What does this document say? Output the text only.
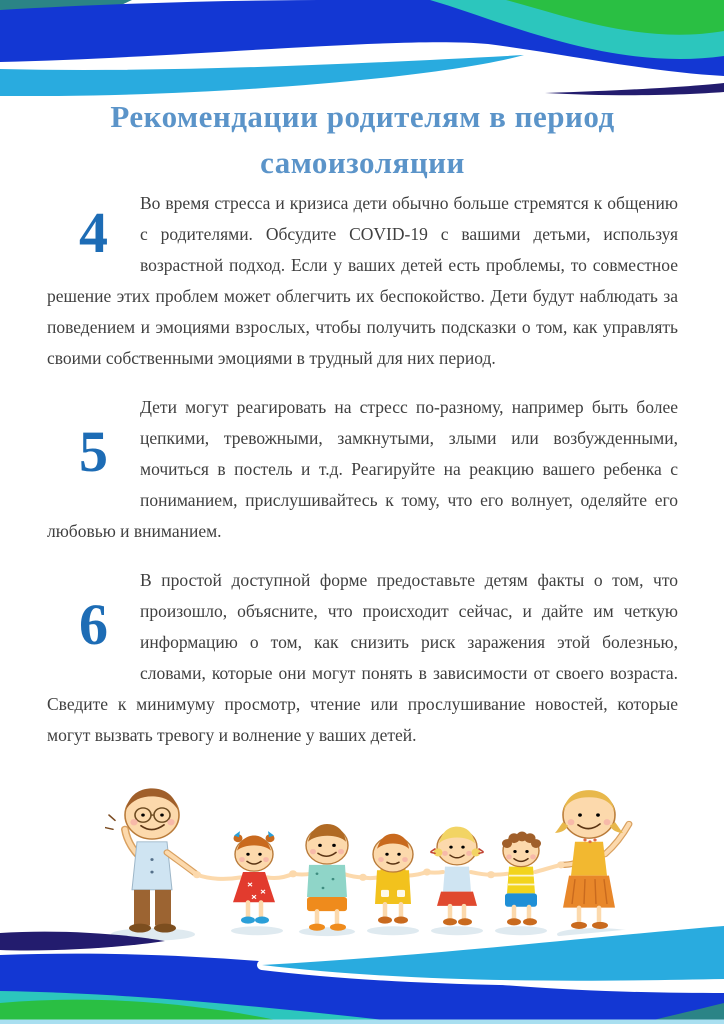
Рекомендации родителям в период самоизоляции
4	Во время стресса и кризиса дети обычно больше стремятся к общению с родителями. Обсудите COVID-19 с вашими детьми, используя возрастной подход. Если у ваших детей есть проблемы, то совместное решение этих проблем может облегчить их беспокойство. Дети будут наблюдать за поведением и эмоциями взрослых, чтобы получить подсказки о том, как управлять своими собственными эмоциями в трудный для них период.

5

Дети могут реагировать на стресс по-разному, например быть более цепкими, тревожными, замкнутыми, злыми или возбужденными, мочиться в постель и т.д. Реагируйте на реакцию вашего ребенка с пониманием, прислушивайтесь к тому, что его волнует, оделяйте его любовью и вниманием.

6

В простой доступной форме предоставьте детям факты о том, что произошло, объясните, что происходит сейчас, и дайте им четкую информацию о том, как снизить риск заражения этой болезнью, словами, которые они могут понять в зависимости от своего возраста. Сведите к минимуму просмотр, чтение или прослушивание новостей, которые могут вызвать тревогу и волнение у ваших детей.
